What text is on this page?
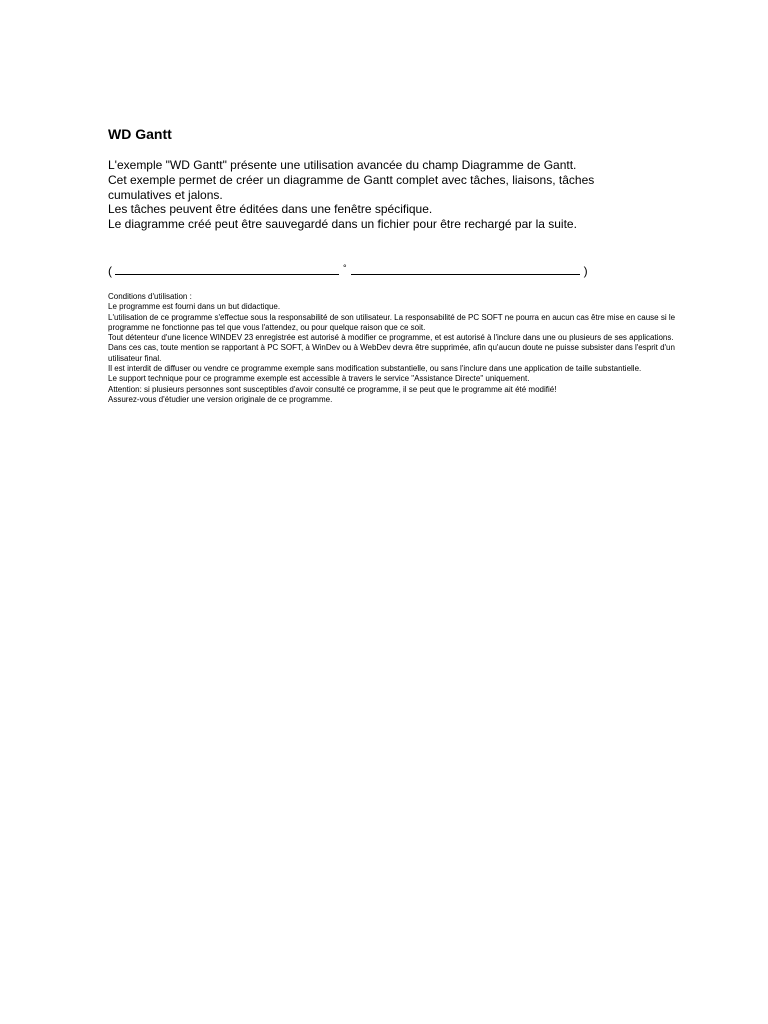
WD Gantt
L'exemple "WD Gantt" présente une utilisation avancée du champ Diagramme de Gantt.
Cet exemple permet de créer un diagramme de Gantt complet avec tâches, liaisons, tâches cumulatives et jalons.
Les tâches peuvent être éditées dans une fenêtre spécifique.
Le diagramme créé peut être sauvegardé dans un fichier pour être rechargé par la suite.
(	°	)
Conditions d'utilisation :
Le programme est fourni dans un but didactique.
L'utilisation de ce programme s'effectue sous la responsabilité de son utilisateur. La responsabilité de PC SOFT ne pourra en aucun cas être mise en cause si le programme ne fonctionne pas tel que vous l'attendez, ou pour quelque raison que ce soit.
Tout détenteur d'une licence WINDEV 23 enregistrée est autorisé à modifier ce programme, et est autorisé à l'inclure dans une ou plusieurs de ses applications. Dans ces cas, toute mention se rapportant à PC SOFT, à WinDev ou à WebDev devra être supprimée, afin qu'aucun doute ne puisse subsister dans l'esprit d'un utilisateur final.
Il est interdit de diffuser ou vendre ce programme exemple sans modification substantielle, ou sans l'inclure dans une application de taille substantielle.
Le support technique pour ce programme exemple est accessible à travers le service "Assistance Directe" uniquement.
Attention: si plusieurs personnes sont susceptibles d'avoir consulté ce programme, il se peut que le programme ait été modifié!
Assurez-vous d'étudier une version originale de ce programme.
